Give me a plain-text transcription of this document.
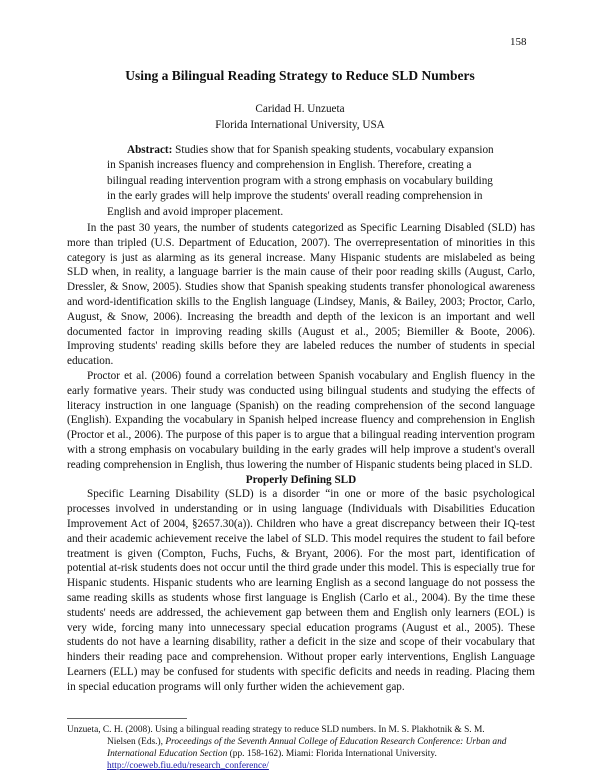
158
Using a Bilingual Reading Strategy to Reduce SLD Numbers
Caridad H. Unzueta
Florida International University, USA
Abstract: Studies show that for Spanish speaking students, vocabulary expansion in Spanish increases fluency and comprehension in English. Therefore, creating a bilingual reading intervention program with a strong emphasis on vocabulary building in the early grades will help improve the students' overall reading comprehension in English and avoid improper placement.

In the past 30 years, the number of students categorized as Specific Learning Disabled (SLD) has more than tripled (U.S. Department of Education, 2007). The overrepresentation of minorities in this category is just as alarming as its general increase. Many Hispanic students are mislabeled as being SLD when, in reality, a language barrier is the main cause of their poor reading skills (August, Carlo, Dressler, & Snow, 2005). Studies show that Spanish speaking students transfer phonological awareness and word-identification skills to the English language (Lindsey, Manis, & Bailey, 2003; Proctor, Carlo, August, & Snow, 2006). Increasing the breadth and depth of the lexicon is an important and well documented factor in improving reading skills (August et al., 2005; Biemiller & Boote, 2006). Improving students' reading skills before they are labeled reduces the number of students in special education.

Proctor et al. (2006) found a correlation between Spanish vocabulary and English fluency in the early formative years. Their study was conducted using bilingual students and studying the effects of literacy instruction in one language (Spanish) on the reading comprehension of the second language (English). Expanding the vocabulary in Spanish helped increase fluency and comprehension in English (Proctor et al., 2006). The purpose of this paper is to argue that a bilingual reading intervention program with a strong emphasis on vocabulary building in the early grades will help improve a student's overall reading comprehension in English, thus lowering the number of Hispanic students being placed in SLD.

Properly Defining SLD

Specific Learning Disability (SLD) is a disorder “in one or more of the basic psychological processes involved in understanding or in using language (Individuals with Disabilities Education Improvement Act of 2004, §2657.30(a)). Children who have a great discrepancy between their IQ-test and their academic achievement receive the label of SLD. This model requires the student to fail before treatment is given (Compton, Fuchs, Fuchs, & Bryant, 2006). For the most part, identification of potential at-risk students does not occur until the third grade under this model. This is especially true for Hispanic students. Hispanic students who are learning English as a second language do not possess the same reading skills as students whose first language is English (Carlo et al., 2004). By the time these students' needs are addressed, the achievement gap between them and English only learners (EOL) is very wide, forcing many into unnecessary special education programs (August et al., 2005). These students do not have a learning disability, rather a deficit in the size and scope of their vocabulary that hinders their reading pace and comprehension. Without proper early interventions, English Language Learners (ELL) may be confused for students with specific deficits and needs in reading. Placing them in special education programs will only further widen the achievement gap.

Unzueta, C. H. (2008). Using a bilingual reading strategy to reduce SLD numbers. In M. S. Plakhotnik & S. M.
Nielsen (Eds.), Proceedings of the Seventh Annual College of Education Research Conference: Urban and
International Education Section (pp. 158-162). Miami: Florida International University.
http://coeweb.fiu.edu/research_conference/
